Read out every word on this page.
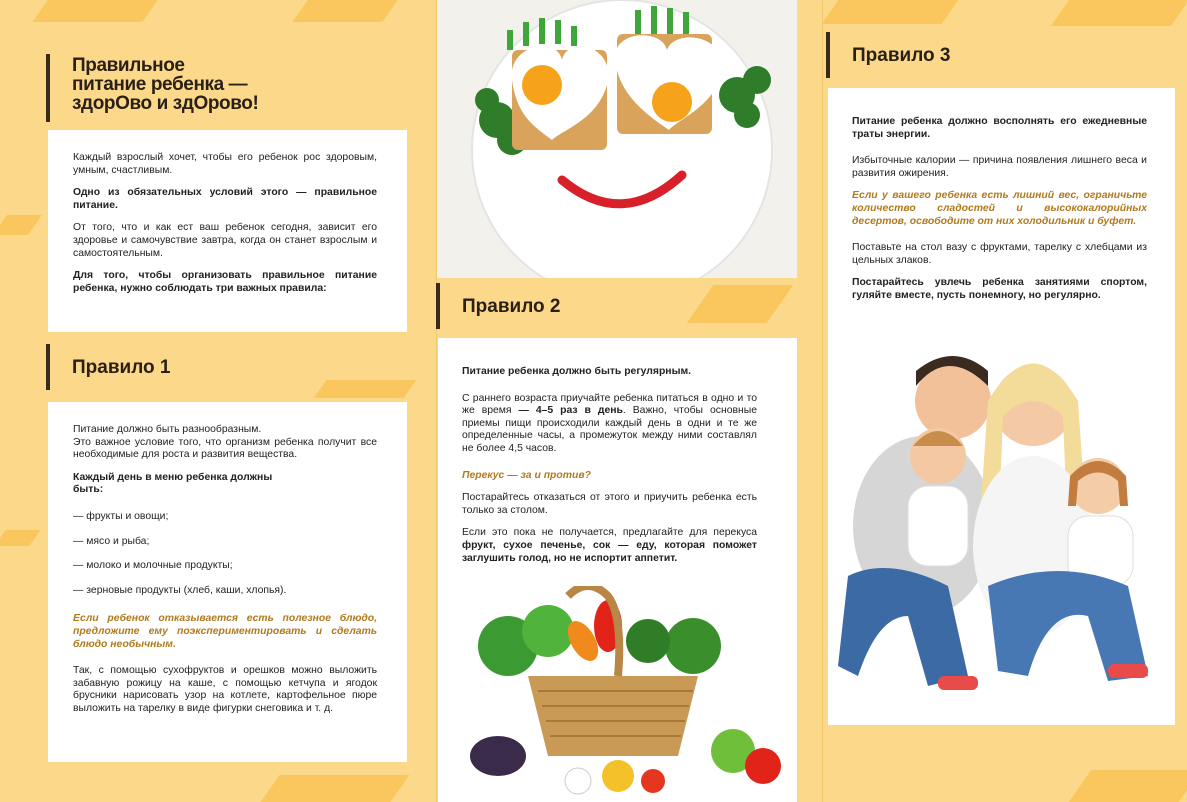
Правильное
питание ребенка —
здорОво и здОрово!

Каждый взрослый хочет, чтобы его ребенок рос здоровым, умным, счастливым.

Одно из обязательных условий этого — правильное питание.

От того, что и как ест ваш ребенок сегодня, зависит его здоровье и самочувствие завтра, когда он станет взрослым и самостоятельным.

Для того, чтобы организовать правильное питание ребенка, нужно соблюдать три важных правила:

Правило 1

Питание должно быть разнообразным.

Это важное условие того, что организм ребенка получит все необходимые для роста и развития вещества.

Каждый день в меню ребенка должны быть:

— фрукты и овощи;
— мясо и рыба;
— молоко и молочные продукты;
— зерновые продукты (хлеб, каши, хлопья).

Если ребенок отказывается есть полезное блюдо, предложите ему поэкспериментировать и сделать блюдо необычным.

Так, с помощью сухофруктов и орешков можно выложить забавную рожицу на каше, с помощью кетчупа и ягодок брусники нарисовать узор на котлете, картофельное пюре выложить на тарелку в виде фигурки снеговика и т. д.

Правило 2

Питание ребенка должно быть регулярным.

С раннего возраста приучайте ребенка питаться в одно и то же время — 4–5 раз в день. Важно, чтобы основные приемы пищи происходили каждый день в одни и те же определенные часы, а промежуток между ними составлял не более 4,5 часов.

Перекус — за и против?

Постарайтесь отказаться от этого и приучить ребенка есть только за столом.

Если это пока не получается, предлагайте для перекуса фрукт, сухое печенье, сок — еду, которая поможет заглушить голод, но не испортит аппетит.

Правило 3

Питание ребенка должно восполнять его ежедневные траты энергии.

Избыточные калории — причина появления лишнего веса и развития ожирения.

Если у вашего ребенка есть лишний вес, ограничьте количество сладостей и высококалорийных десертов, освободите от них холодильник и буфет.

Поставьте на стол вазу с фруктами, тарелку с хлебцами из цельных злаков.

Постарайтесь увлечь ребенка занятиями спортом, гуляйте вместе, пусть понемногу, но регулярно.
